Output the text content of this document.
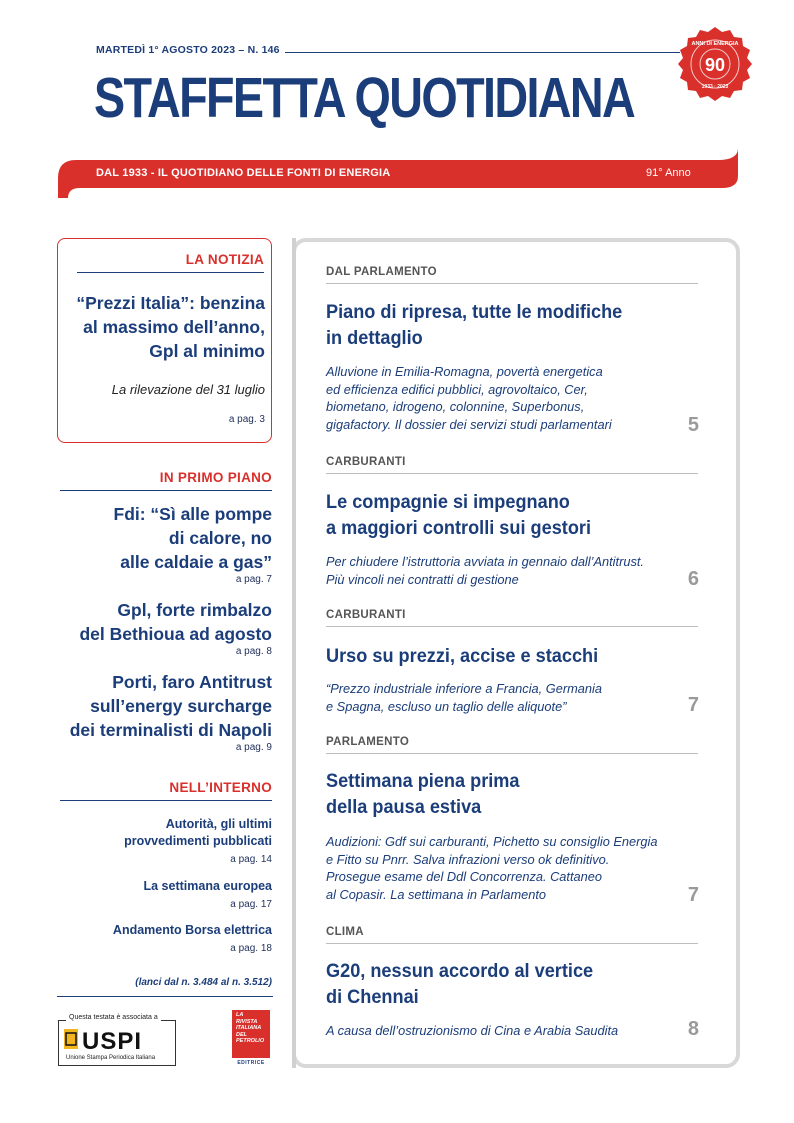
MARTEDÌ 1° AGOSTO 2023 – N. 146
STAFFETTA QUOTIDIANA
ANNI DI ENERGIA
90
1933 · 2023
DAL 1933 - IL QUOTIDIANO DELLE FONTI DI ENERGIA	91° Anno
LA NOTIZIA
“Prezzi Italia”: benzina
al massimo dell’anno,
Gpl al minimo
La rilevazione del 31 luglio
a pag. 3
IN PRIMO PIANO
Fdi: “Sì alle pompe
di calore, no
alle caldaie a gas”
a pag. 7
Gpl, forte rimbalzo
del Bethioua ad agosto
a pag. 8
Porti, faro Antitrust
sull’energy surcharge
dei terminalisti di Napoli
a pag. 9
NELL’INTERNO
Autorità, gli ultimi
provvedimenti pubblicati
a pag. 14
La settimana europea
a pag. 17
Andamento Borsa elettrica
a pag. 18
(lanci dal n. 3.484 al n. 3.512)
Questa testata è associata a
USPI
Unione Stampa Periodica Italiana
LA
RIVISTA
ITALIANA
DEL
PETROLIO
EDITRICE
DAL PARLAMENTO
Piano di ripresa, tutte le modifiche
in dettaglio
Alluvione in Emilia-Romagna, povertà energetica
ed efficienza edifici pubblici, agrovoltaico, Cer,
biometano, idrogeno, colonnine, Superbonus,
gigafactory. Il dossier dei servizi studi parlamentari	5
CARBURANTI
Le compagnie si impegnano
a maggiori controlli sui gestori
Per chiudere l’istruttoria avviata in gennaio dall’Antitrust.
Più vincoli nei contratti di gestione	6
CARBURANTI
Urso su prezzi, accise e stacchi
“Prezzo industriale inferiore a Francia, Germania
e Spagna, escluso un taglio delle aliquote”	7
PARLAMENTO
Settimana piena prima
della pausa estiva
Audizioni: Gdf sui carburanti, Pichetto su consiglio Energia
e Fitto su Pnrr. Salva infrazioni verso ok definitivo.
Prosegue esame del Ddl Concorrenza. Cattaneo
al Copasir. La settimana in Parlamento	7
CLIMA
G20, nessun accordo al vertice
di Chennai
A causa dell’ostruzionismo di Cina e Arabia Saudita	8
